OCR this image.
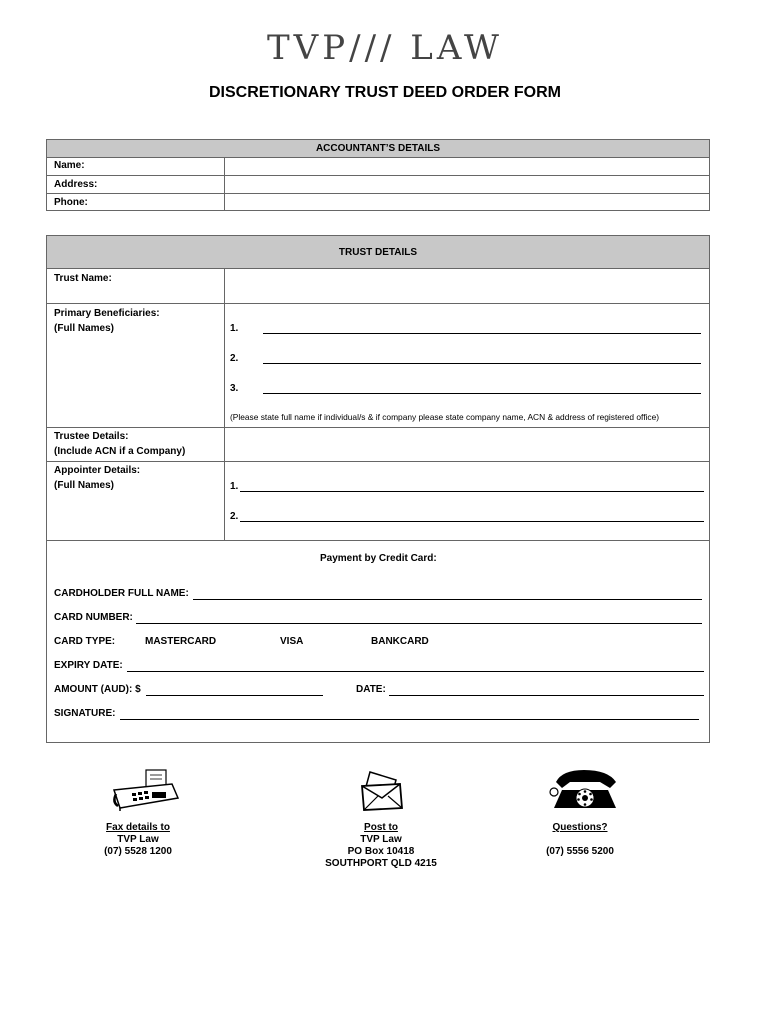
TVP/// LAW
DISCRETIONARY TRUST DEED ORDER FORM
ACCOUNTANT’S DETAILS
Name:
Address:
Phone:
TRUST DETAILS
Trust Name:
Primary Beneficiaries:
(Full Names)	1.
2.
3.
(Please state full name if individual/s & if company please state company name, ACN & address of registered office)
Trustee Details:
(Include ACN if a Company)
Appointer Details:
(Full Names)	1.
2.
Payment by Credit Card:
CARDHOLDER FULL NAME:
CARD NUMBER:
CARD TYPE:	MASTERCARD	VISA	BANKCARD
EXPIRY DATE:
AMOUNT (AUD): $	DATE:
SIGNATURE:
Fax details to
TVP Law
(07) 5528 1200
Post to
TVP Law
PO Box 10418
SOUTHPORT QLD 4215
Questions?
(07) 5556 5200
